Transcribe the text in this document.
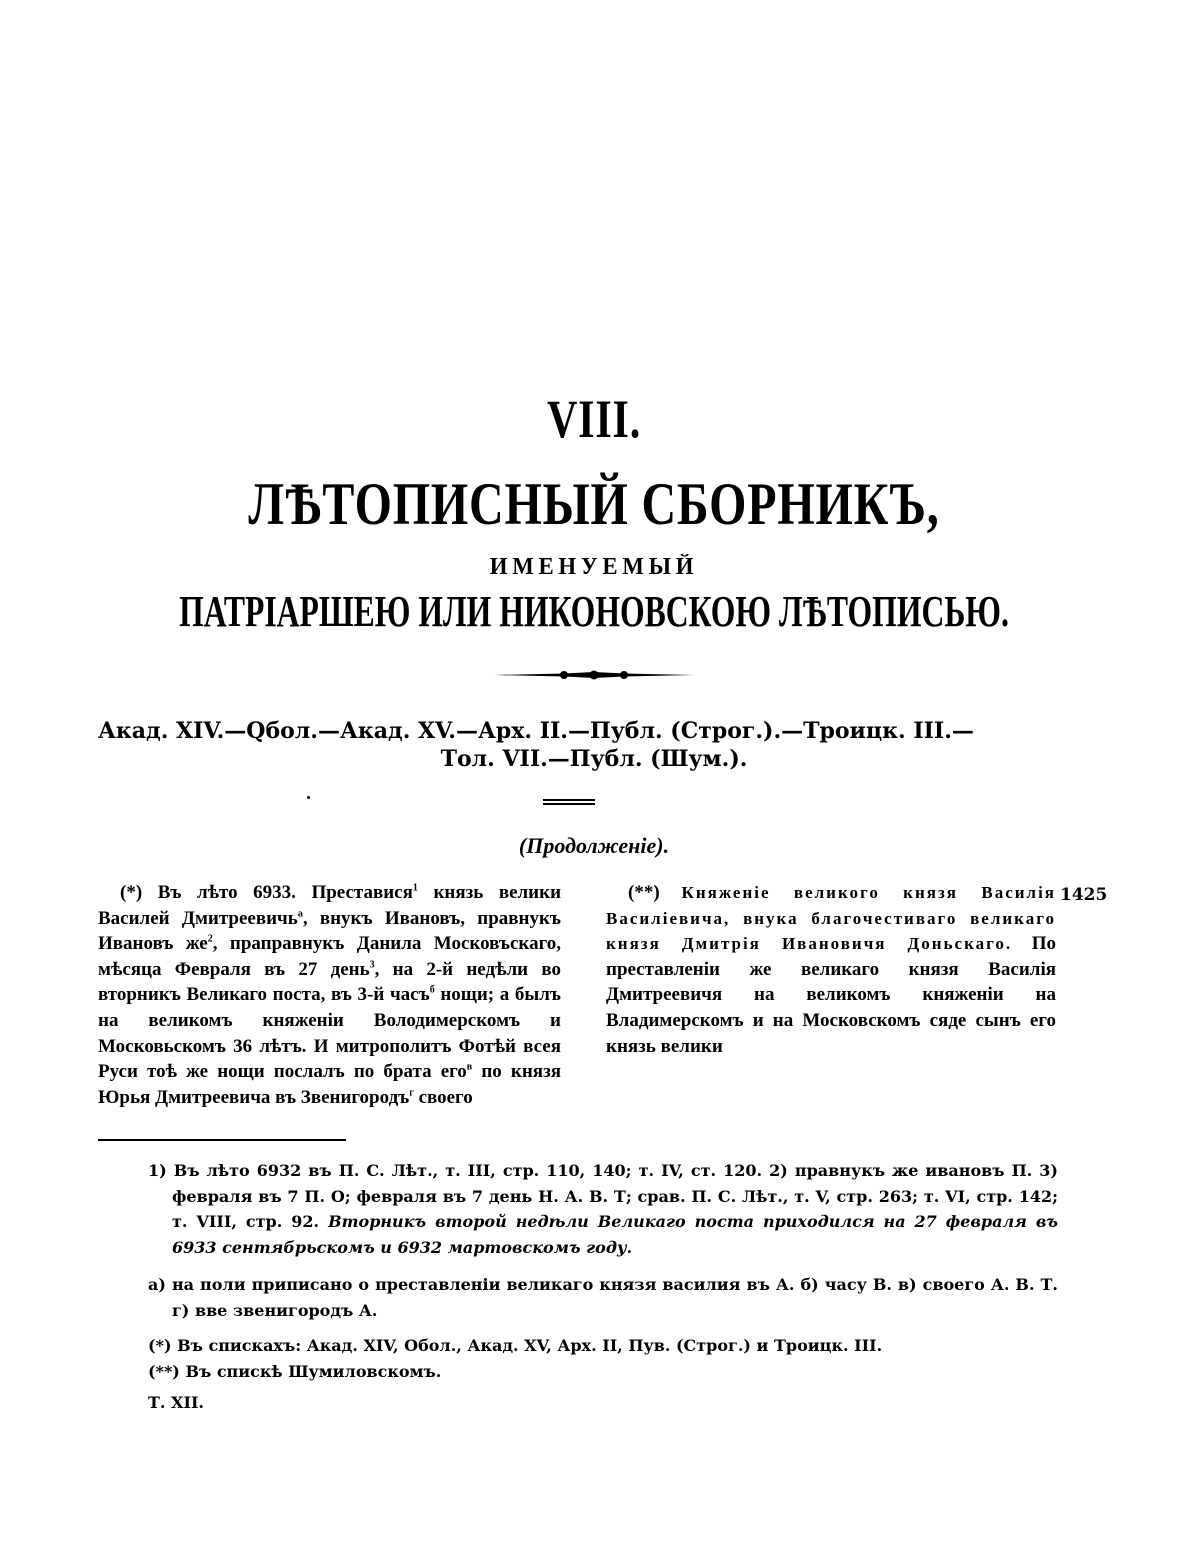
VIII.
ЛѢТОПИСНЫЙ СБОРНИКЪ,
ИМЕНУЕМЫЙ
ПАТРІАРШЕЮ ИЛИ НИКОНОВСКОЮ ЛѢТОПИСЬЮ.
Акад. XIV.—Qбол.—Акад. XV.—Арх. II.—Публ. (Строг.).—Троицк. III.—
Тол. VII.—Публ. (Шум.).
(Продолженіе).

(*) Въ лѣто 6933. Преставися$^1$ князь велики Василей Дмитреевичь$^а$, внукъ Ивановъ, правнукъ Ивановъ $же^2$, праправнукъ Данила Московъскаго, мѣсяца Февраля въ 27 день$^3$, на 2-й недѣли во вторникъ Великаго поста, въ 3-й часъ$^б$ нощи; а былъ на великомъ княженіи Володимерскомъ и Московьскомъ 36 лѣтъ. И митрополитъ Фотѣй всея Руси тоѣ же нощи послалъ по брата его$^в$ по князя Юрья Дмитреевича въ Звенигородъ$^г$ своего

(**) Княженіе великого князя Василія Василіевича, внука благочестиваго великаго князя Дмитрія Ивановичя Доньскаго. По преставленіи же великаго князя Василія Дмитреевичя на великомъ княженіи на Владимерскомъ и на Московскомъ сяде сынъ его князь велики

1425

1) Въ лѣто 6932 въ П. С. Лѣт., т. III, стр. 110, 140; т. IV, ст. 120. 2) правнукъ же ивановъ П. 3) февраля въ 7 П. О; февраля въ 7 день Н. А. В. Т; срав. П. С. Лѣт., т. V, стр. 263; т. VI, стр. 142; т. VIII, стр. 92. Вторникъ второй недѣли Великаго поста приходился на 27 февраля въ 6933 сентябрьскомъ и 6932 мартовскомъ году.

а) на поли приписано о преставленіи великаго князя василия въ А. б) часу В. в) своего А. В. Т. г) вве звенигородъ А.

(*) Въ спискахъ: Акад. XIV, Обол., Акад. XV, Арх. II, Пув. (Строг.) и Троицк. III.

(**) Въ спискѣ Шумиловскомъ.

Т. XII.
